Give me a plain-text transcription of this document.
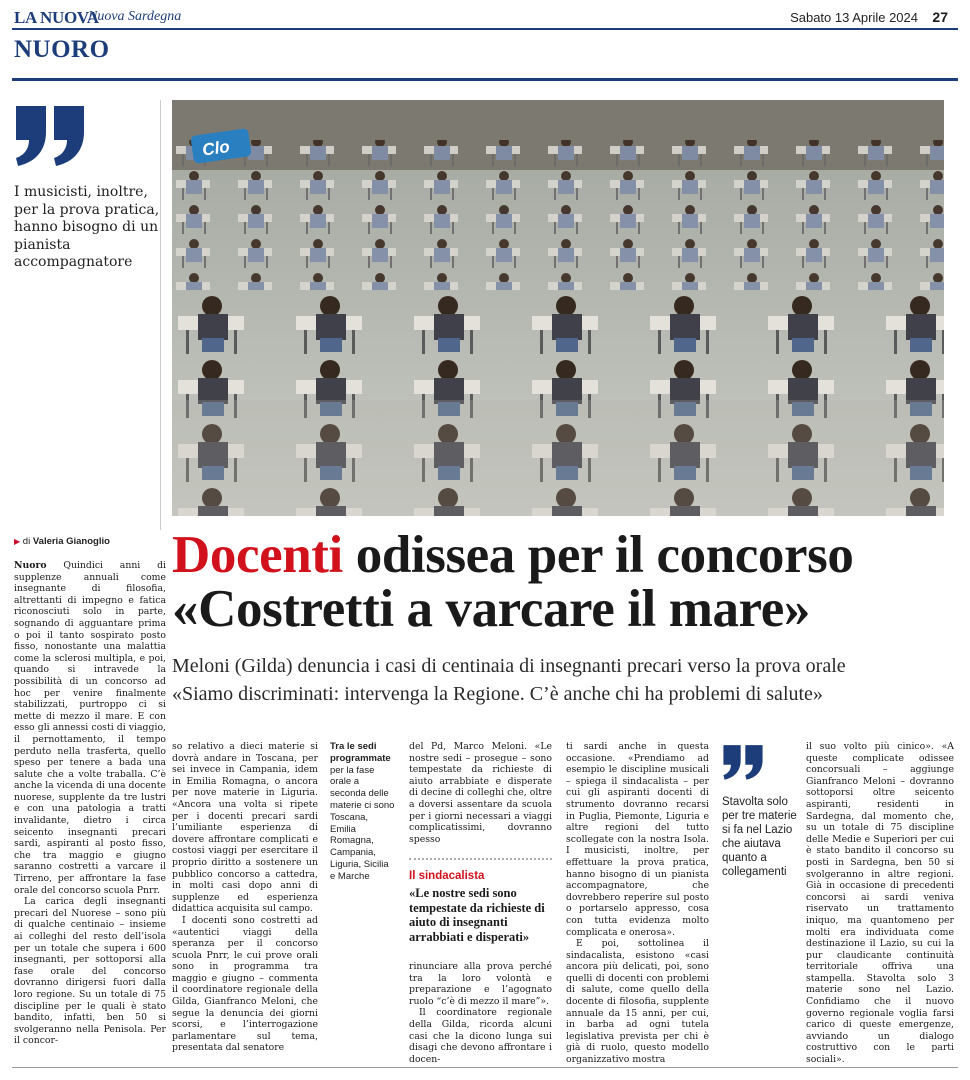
LA NUOVA
Nuova Sardegna	Sabato 13 Aprile 2024 27
NUORO
I musicisti, inoltre, per la prova pratica, hanno bisogno di un pianista accompagnatore
Clo
▶ di Valeria Gianoglio Docenti odissea per il concorso
«Costretti a varcare il mare»
Meloni (Gilda) denuncia i casi di centinaia di insegnanti precari verso la prova orale
«Siamo discriminati: intervenga la Regione. C’è anche chi ha problemi di salute»

Nuoro Quindici anni di supplenze annuali come insegnante di filosofia, altrettanti di impegno e fatica riconosciuti solo in parte, sognando di agguantare prima o poi il tanto sospirato posto fisso, nonostante una malattia come la sclerosi multipla, e poi, quando si intravede la possibilità di un concorso ad hoc per venire finalmente stabilizzati, purtroppo ci si mette di mezzo il mare. E con esso gli annessi costi di viaggio, il pernottamento, il tempo perduto nella trasferta, quello speso per tenere a bada una salute che a volte traballa. C’è anche la vicenda di una docente nuorese, supplente da tre lustri e con una patologia a tratti invalidante, dietro i circa seicento insegnanti precari sardi, aspiranti al posto fisso, che tra maggio e giugno saranno costretti a varcare il Tirreno, per affrontare la fase orale del concorso scuola Pnrr.

La carica degli insegnanti precari del Nuorese – sono più di qualche centinaio – insieme ai colleghi del resto dell’isola per un totale che supera i 600 insegnanti, per sottoporsi alla fase orale del concorso dovranno dirigersi fuori dalla loro regione. Su un totale di 75 discipline per le quali è stato bandito, infatti, ben 50 si svolgeranno nella Penisola. Per il concor-

so relativo a dieci materie si dovrà andare in Toscana, per sei invece in Campania, idem in Emilia Romagna, o ancora per nove materie in Liguria. «Ancora una volta si ripete per i docenti precari sardi l’umiliante esperienza di dovere affrontare complicati e costosi viaggi per esercitare il proprio diritto a sostenere un pubblico concorso a cattedra, in molti casi dopo anni di supplenze ed esperienza didattica acquisita sul campo.

I docenti sono costretti ad «autentici viaggi della speranza per il concorso scuola Pnrr, le cui prove orali sono in programma tra maggio e giugno – commenta il coordinatore regionale della Gilda, Gianfranco Meloni, che segue la denuncia dei giorni scorsi, e l’interrogazione parlamentare sul tema, presentata dal senatore

Tra le sedi programmate
per la fase orale a seconda delle materie ci sono Toscana, Emilia Romagna, Campania, Liguria, Sicilia e Marche

del Pd, Marco Meloni. «Le nostre sedi – prosegue – sono tempestate da richieste di aiuto arrabbiate e disperate di decine di colleghi che, oltre a doversi assentare da scuola per i giorni necessari a viaggi complicatissimi, dovranno spesso

Il sindacalista
«Le nostre sedi sono tempestate da richieste di aiuto di insegnanti arrabbiati e disperati»

rinunciare alla prova perché tra la loro volontà e preparazione e l’agognato ruolo “c’è di mezzo il mare”».

Il coordinatore regionale della Gilda, ricorda alcuni casi che la dicono lunga sui disagi che devono affrontare i docen-

ti sardi anche in questa occasione. «Prendiamo ad esempio le discipline musicali – spiega il sindacalista – per cui gli aspiranti docenti di strumento dovranno recarsi in Puglia, Piemonte, Liguria e altre regioni del tutto scollegate con la nostra Isola. I musicisti, inoltre, per effettuare la prova pratica, hanno bisogno di un pianista accompagnatore, che dovrebbero reperire sul posto o portarselo appresso, cosa con tutta evidenza molto complicata e onerosa».

E poi, sottolinea il sindacalista, esistono «casi ancora più delicati, poi, sono quelli di docenti con problemi di salute, come quello della docente di filosofia, supplente annuale da 15 anni, per cui, in barba ad ogni tutela legislativa prevista per chi è già di ruolo, questo modello organizzativo mostra

Stavolta solo per tre materie si fa nel Lazio che aiutava quanto a collegamenti

il suo volto più cinico». «A queste complicate odissee concorsuali – aggiunge Gianfranco Meloni – dovranno sottoporsi oltre seicento aspiranti, residenti in Sardegna, dal momento che, su un totale di 75 discipline delle Medie e Superiori per cui è stato bandito il concorso su posti in Sardegna, ben 50 si svolgeranno in altre regioni. Già in occasione di precedenti concorsi ai sardi veniva riservato un trattamento iniquo, ma quantomeno per molti era individuata come destinazione il Lazio, su cui la pur claudicante continuità territoriale offriva una stampella. Stavolta solo 3 materie sono nel Lazio. Confidiamo che il nuovo governo regionale voglia farsi carico di queste emergenze, avviando un dialogo costruttivo con le parti sociali».
